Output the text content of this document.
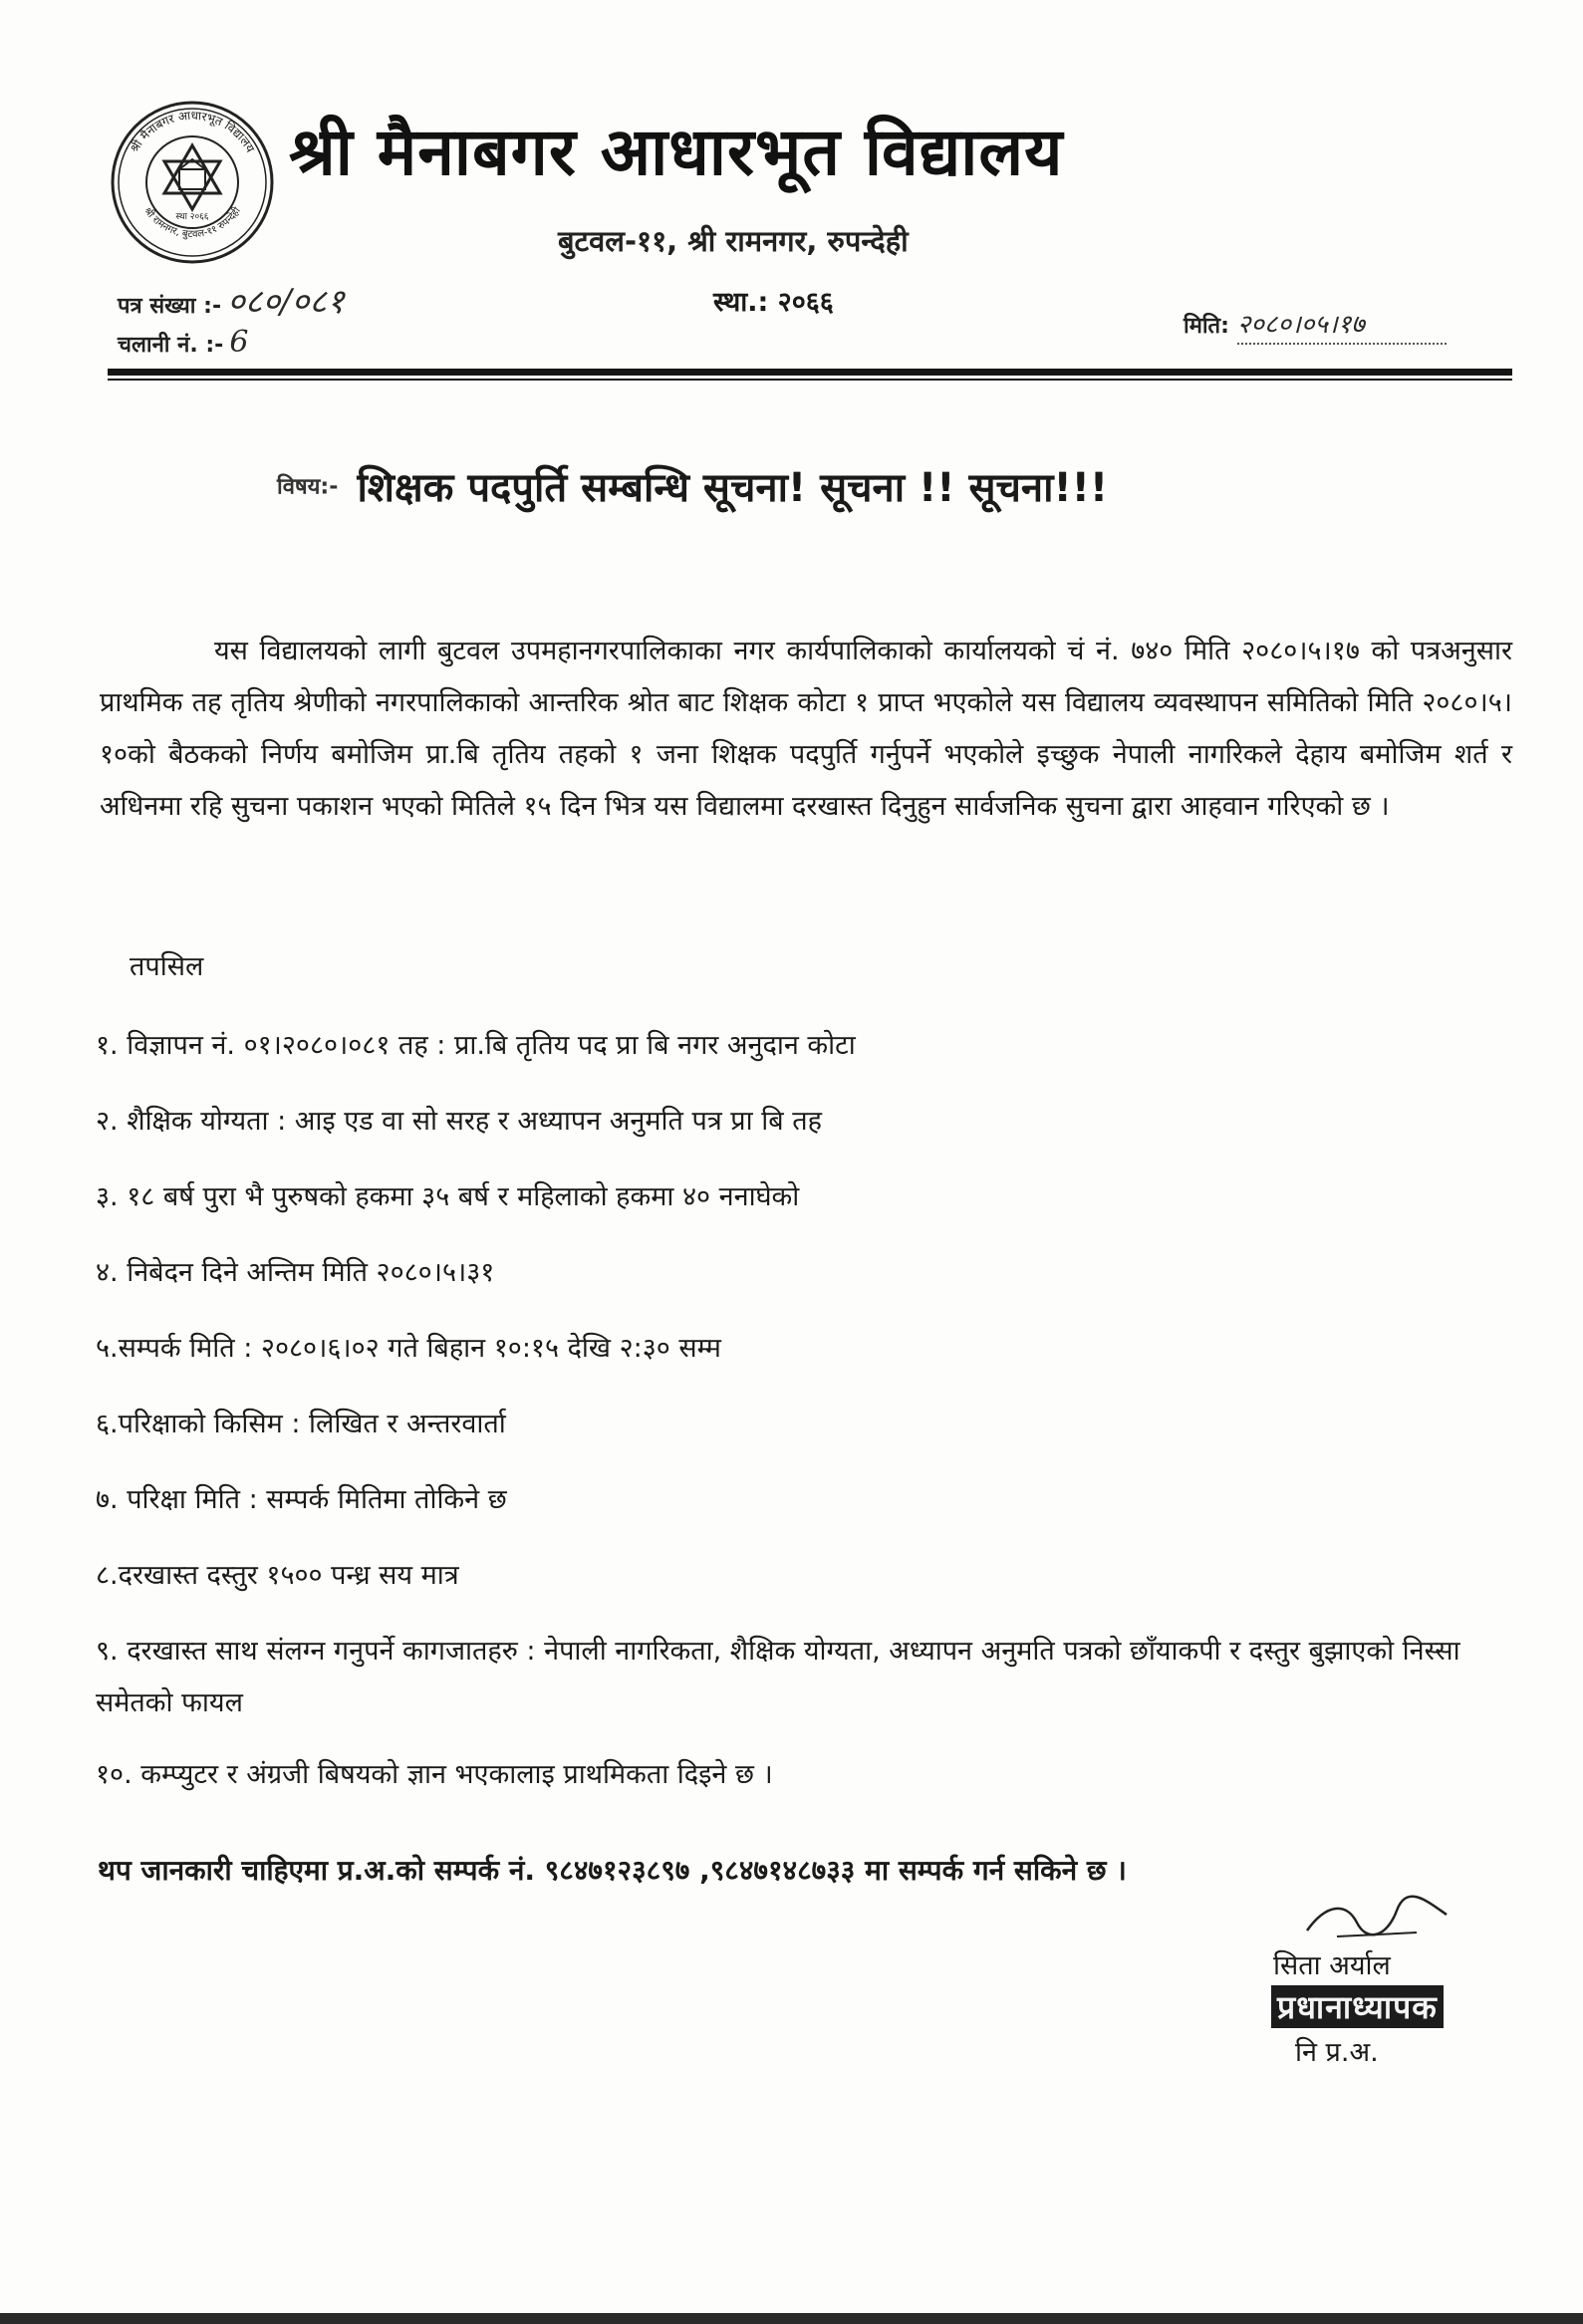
श्री मैनाबगर आधारभूत विद्यालय
श्री रामनगर, बुटवल-११ रुपन्देही
स्था २०६६
श्री मैनाबगर आधारभूत विद्यालय
बुटवल-११, श्री रामनगर, रुपन्देही
पत्र संख्या :- ०८०/०८१
चलानी नं. :- 6
स्था.: २०६६
मिति: २०८०।०५।१७
विषय:- शिक्षक पदपुर्ति सम्बन्धि सूचना! सूचना !! सूचना!!!

यस विद्यालयको लागी बुटवल उपमहानगरपालिकाका नगर कार्यपालिकाको कार्यालयको चं नं. ७४० मिति २०८०।५।१७ को पत्रअनुसार प्राथमिक तह तृतिय श्रेणीको नगरपालिकाको आन्तरिक श्रोत बाट शिक्षक कोटा १ प्राप्त भएकोले यस विद्यालय व्यवस्थापन समितिको मिति २०८०।५।१०को बैठकको निर्णय बमोजिम प्रा.बि तृतिय तहको १ जना शिक्षक पदपुर्ति गर्नुपर्ने भएकोले इच्छुक नेपाली नागरिकले देहाय बमोजिम शर्त र अधिनमा रहि सुचना पकाशन भएको मितिले १५ दिन भित्र यस विद्यालमा दरखास्त दिनुहुन सार्वजनिक सुचना द्वारा आहवान गरिएको छ ।

तपसिल
१. विज्ञापन नं. ०१।२०८०।०८१ तह : प्रा.बि तृतिय पद प्रा बि नगर अनुदान कोटा
२. शैक्षिक योग्यता : आइ एड वा सो सरह र अध्यापन अनुमति पत्र प्रा बि तह
३. १८ बर्ष पुरा भै पुरुषको हकमा ३५ बर्ष र महिलाको हकमा ४० ननाघेको
४. निबेदन दिने अन्तिम मिति २०८०।५।३१
५.सम्पर्क मिति : २०८०।६।०२ गते बिहान १०:१५ देखि २:३० सम्म
६.परिक्षाको किसिम : लिखित र अन्तरवार्ता
७. परिक्षा मिति : सम्पर्क मितिमा तोकिने छ
८.दरखास्त दस्तुर १५०० पन्ध्र सय मात्र
९. दरखास्त साथ संलग्न गनुपर्ने कागजातहरु : नेपाली नागरिकता, शैक्षिक योग्यता, अध्यापन अनुमति पत्रको छाँयाकपी र दस्तुर बुझाएको निस्सा समेतको फायल
१०. कम्प्युटर र अंग्रजी बिषयको ज्ञान भएकालाइ प्राथमिकता दिइने छ ।
थप जानकारी चाहिएमा प्र.अ.को सम्पर्क नं. ९८४७१२३८९७ ,९८४७१४८७३३ मा सम्पर्क गर्न सकिने छ ।
सिता अर्याल
प्रधानाध्यापक
नि प्र.अ.
